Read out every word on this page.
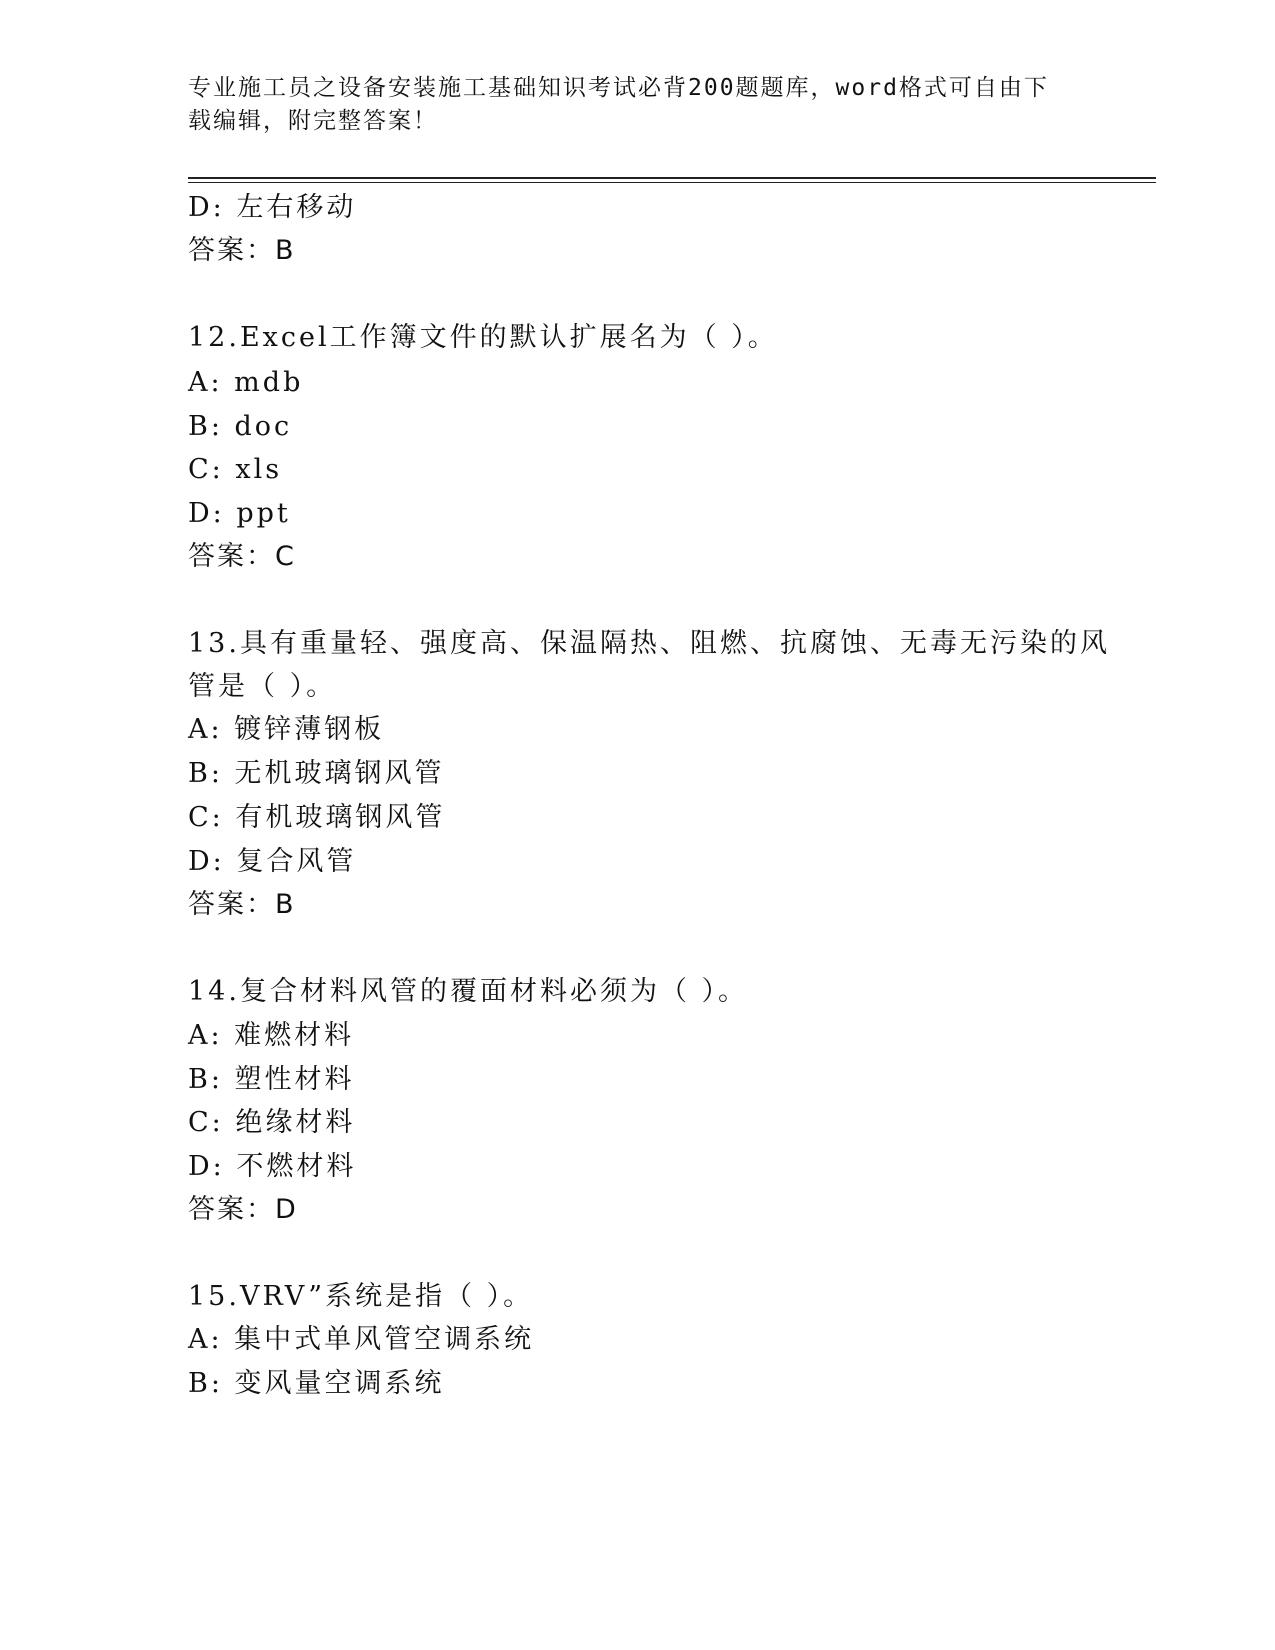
专业施工员之设备安装施工基础知识考试必背200题题库，word格式可自由下载编辑，附完整答案！
D: 左右移动
答案：B
12.Excel工作簿文件的默认扩展名为（ ）。
A: mdb
B: doc
C: xls
D: ppt
答案：C
13.具有重量轻、强度高、保温隔热、阻燃、抗腐蚀、无毒无污染的风
管是（ ）。
A: 镀锌薄钢板
B: 无机玻璃钢风管
C: 有机玻璃钢风管
D: 复合风管
答案：B
14.复合材料风管的覆面材料必须为（ ）。
A: 难燃材料
B: 塑性材料
C: 绝缘材料
D: 不燃材料
答案：D
15.VRV”系统是指（ ）。
A: 集中式单风管空调系统
B: 变风量空调系统
